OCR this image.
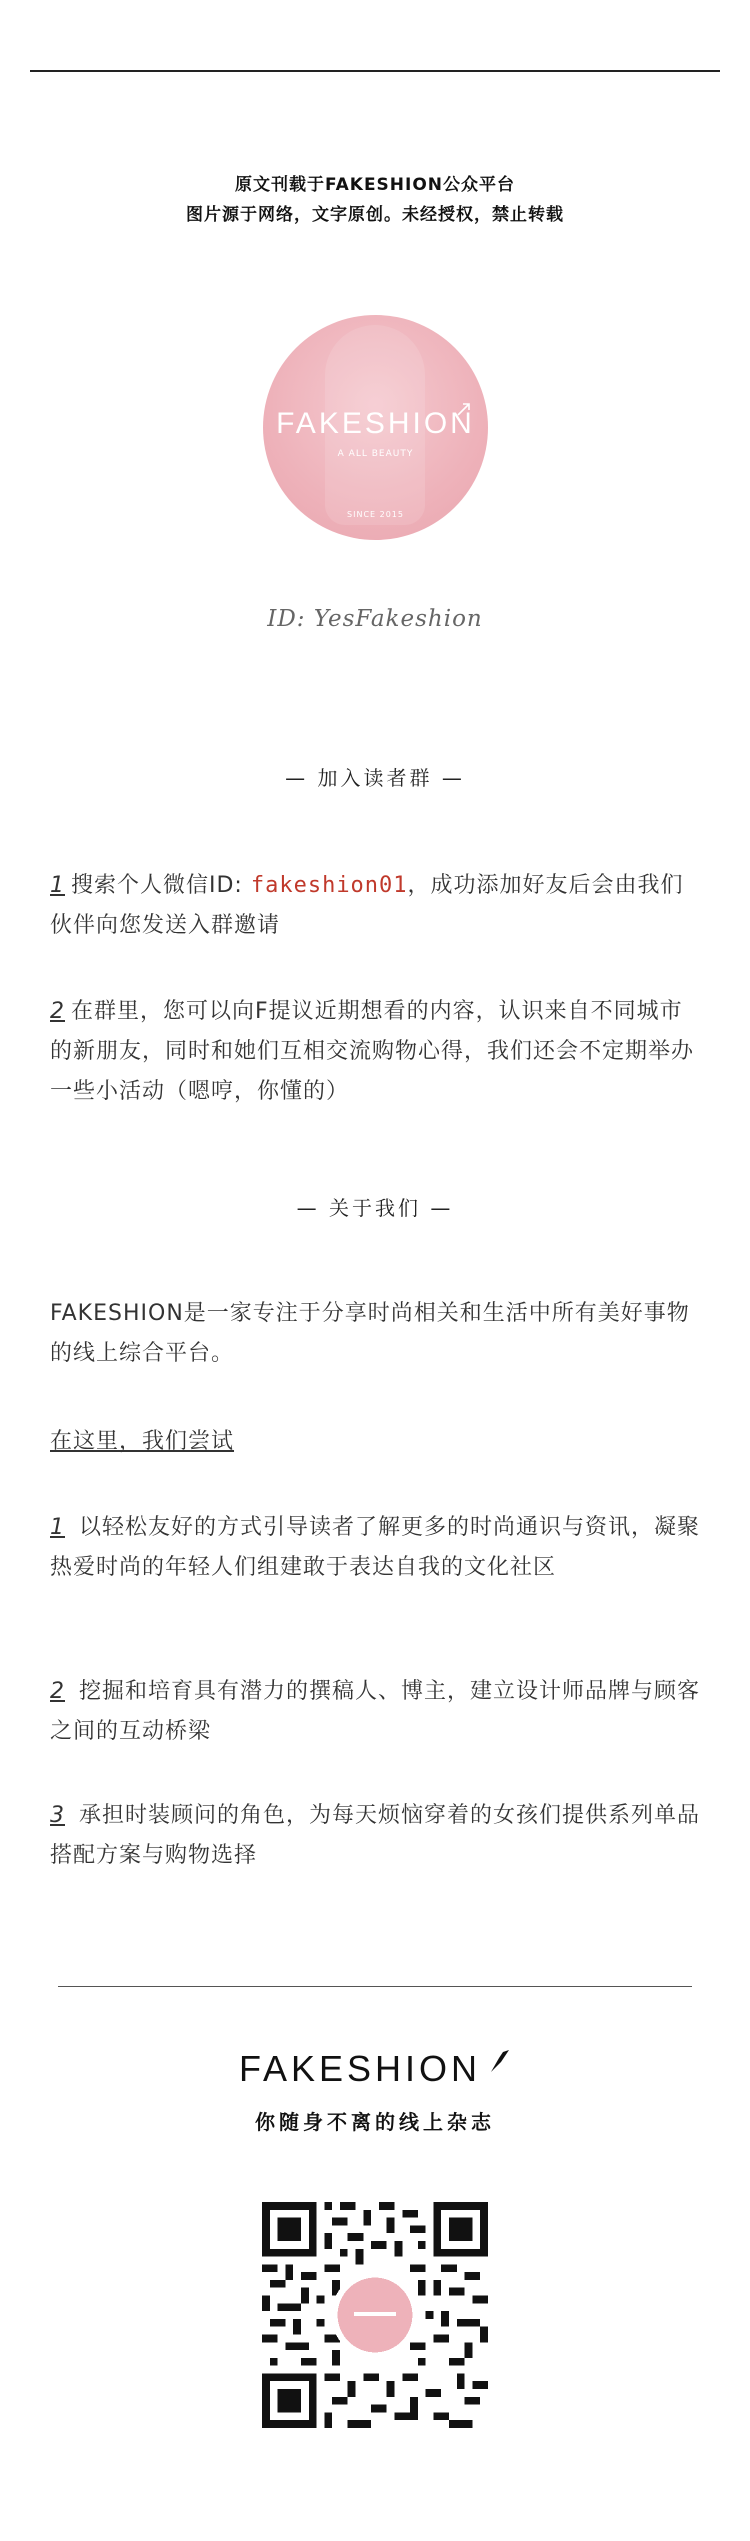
原文刊载于FAKESHION公众平台
图片源于网络，文字原创。未经授权，禁止转载
FAKESHION
A ALL BEAUTY
SINCE 2015
ID: YesFakeshion
— 加入读者群 —
1 搜索个人微信ID: fakeshion01，成功添加好友后会由我们伙伴向您发送入群邀请
2 在群里，您可以向F提议近期想看的内容，认识来自不同城市的新朋友，同时和她们互相交流购物心得，我们还会不定期举办一些小活动（嗯哼，你懂的）
— 关于我们 —
FAKESHION是一家专注于分享时尚相关和生活中所有美好事物的线上综合平台。
在这里，我们尝试
1 以轻松友好的方式引导读者了解更多的时尚通识与资讯，凝聚热爱时尚的年轻人们组建敢于表达自我的文化社区
2 挖掘和培育具有潜力的撰稿人、博主，建立设计师品牌与顾客之间的互动桥梁
3 承担时装顾问的角色，为每天烦恼穿着的女孩们提供系列单品搭配方案与购物选择
FAKESHION
你随身不离的线上杂志
